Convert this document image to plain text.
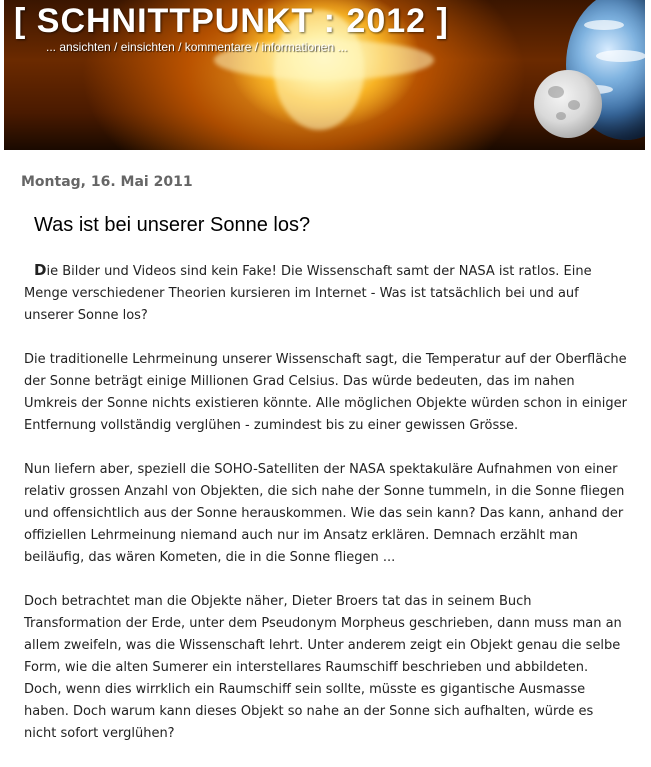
[ SCHNITTPUNKT : 2012 ]
... ansichten / einsichten / kommentare / informationen ...
Montag, 16. Mai 2011
Was ist bei unserer Sonne los?

Die Bilder und Videos sind kein Fake! Die Wissenschaft samt der NASA ist ratlos. Eine Menge verschiedener Theorien kursieren im Internet - Was ist tatsächlich bei und auf unserer Sonne los?

Die traditionelle Lehrmeinung unserer Wissenschaft sagt, die Temperatur auf der Oberfläche der Sonne beträgt einige Millionen Grad Celsius. Das würde bedeuten, das im nahen Umkreis der Sonne nichts existieren könnte. Alle möglichen Objekte würden schon in einiger Entfernung vollständig verglühen - zumindest bis zu einer gewissen Grösse.

Nun liefern aber, speziell die SOHO-Satelliten der NASA spektakuläre Aufnahmen von einer relativ grossen Anzahl von Objekten, die sich nahe der Sonne tummeln, in die Sonne fliegen und offensichtlich aus der Sonne herauskommen. Wie das sein kann? Das kann, anhand der offiziellen Lehrmeinung niemand auch nur im Ansatz erklären. Demnach erzählt man beiläufig, das wären Kometen, die in die Sonne fliegen ...

Doch betrachtet man die Objekte näher, Dieter Broers tat das in seinem Buch Transformation der Erde, unter dem Pseudonym Morpheus geschrieben, dann muss man an allem zweifeln, was die Wissenschaft lehrt. Unter anderem zeigt ein Objekt genau die selbe Form, wie die alten Sumerer ein interstellares Raumschiff beschrieben und abbildeten. Doch, wenn dies wirrklich ein Raumschiff sein sollte, müsste es gigantische Ausmasse haben. Doch warum kann dieses Objekt so nahe an der Sonne sich aufhalten, würde es nicht sofort verglühen?
